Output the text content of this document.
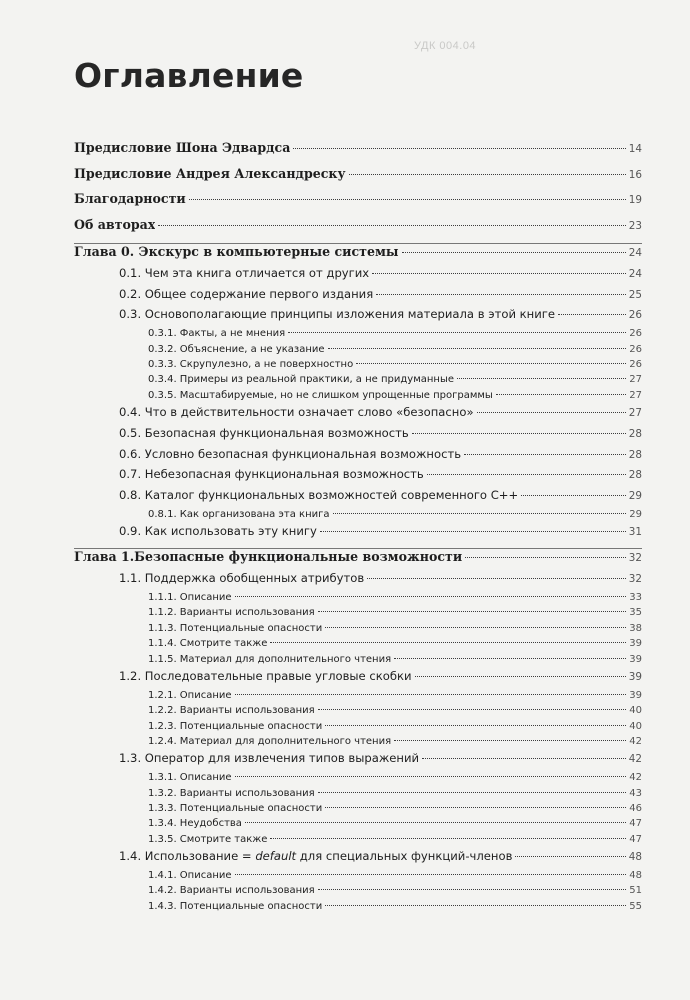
УДК 004.04
Оглавление
Предисловие Шона Эдвардса	14
Предисловие Андрея Александреску	16
Благодарности	19
Об авторах	23
Глава 0. Экскурс в компьютерные системы	24
0.1. Чем эта книга отличается от других	24
0.2. Общее содержание первого издания	25
0.3. Основополагающие принципы изложения материала в этой книге	26
0.3.1. Факты, а не мнения	26
0.3.2. Объяснение, а не указание	26
0.3.3. Скрупулезно, а не поверхностно	26
0.3.4. Примеры из реальной практики, а не придуманные	27
0.3.5. Масштабируемые, но не слишком упрощенные программы	27
0.4. Что в действительности означает слово «безопасно»	27
0.5. Безопасная функциональная возможность	28
0.6. Условно безопасная функциональная возможность	28
0.7. Небезопасная функциональная возможность	28
0.8. Каталог функциональных возможностей современного C++	29
0.8.1. Как организована эта книга	29
0.9. Как использовать эту книгу	31
Глава 1.Безопасные функциональные возможности	32
1.1. Поддержка обобщенных атрибутов	32
1.1.1. Описание	33
1.1.2. Варианты использования	35
1.1.3. Потенциальные опасности	38
1.1.4. Смотрите также	39
1.1.5. Материал для дополнительного чтения	39
1.2. Последовательные правые угловые скобки	39
1.2.1. Описание	39
1.2.2. Варианты использования	40
1.2.3. Потенциальные опасности	40
1.2.4. Материал для дополнительного чтения	42
1.3. Оператор для извлечения типов выражений	42
1.3.1. Описание	42
1.3.2. Варианты использования	43
1.3.3. Потенциальные опасности	46
1.3.4. Неудобства	47
1.3.5. Смотрите также	47
1.4. Использование = default для специальных функций-членов	48
1.4.1. Описание	48
1.4.2. Варианты использования	51
1.4.3. Потенциальные опасности	55
